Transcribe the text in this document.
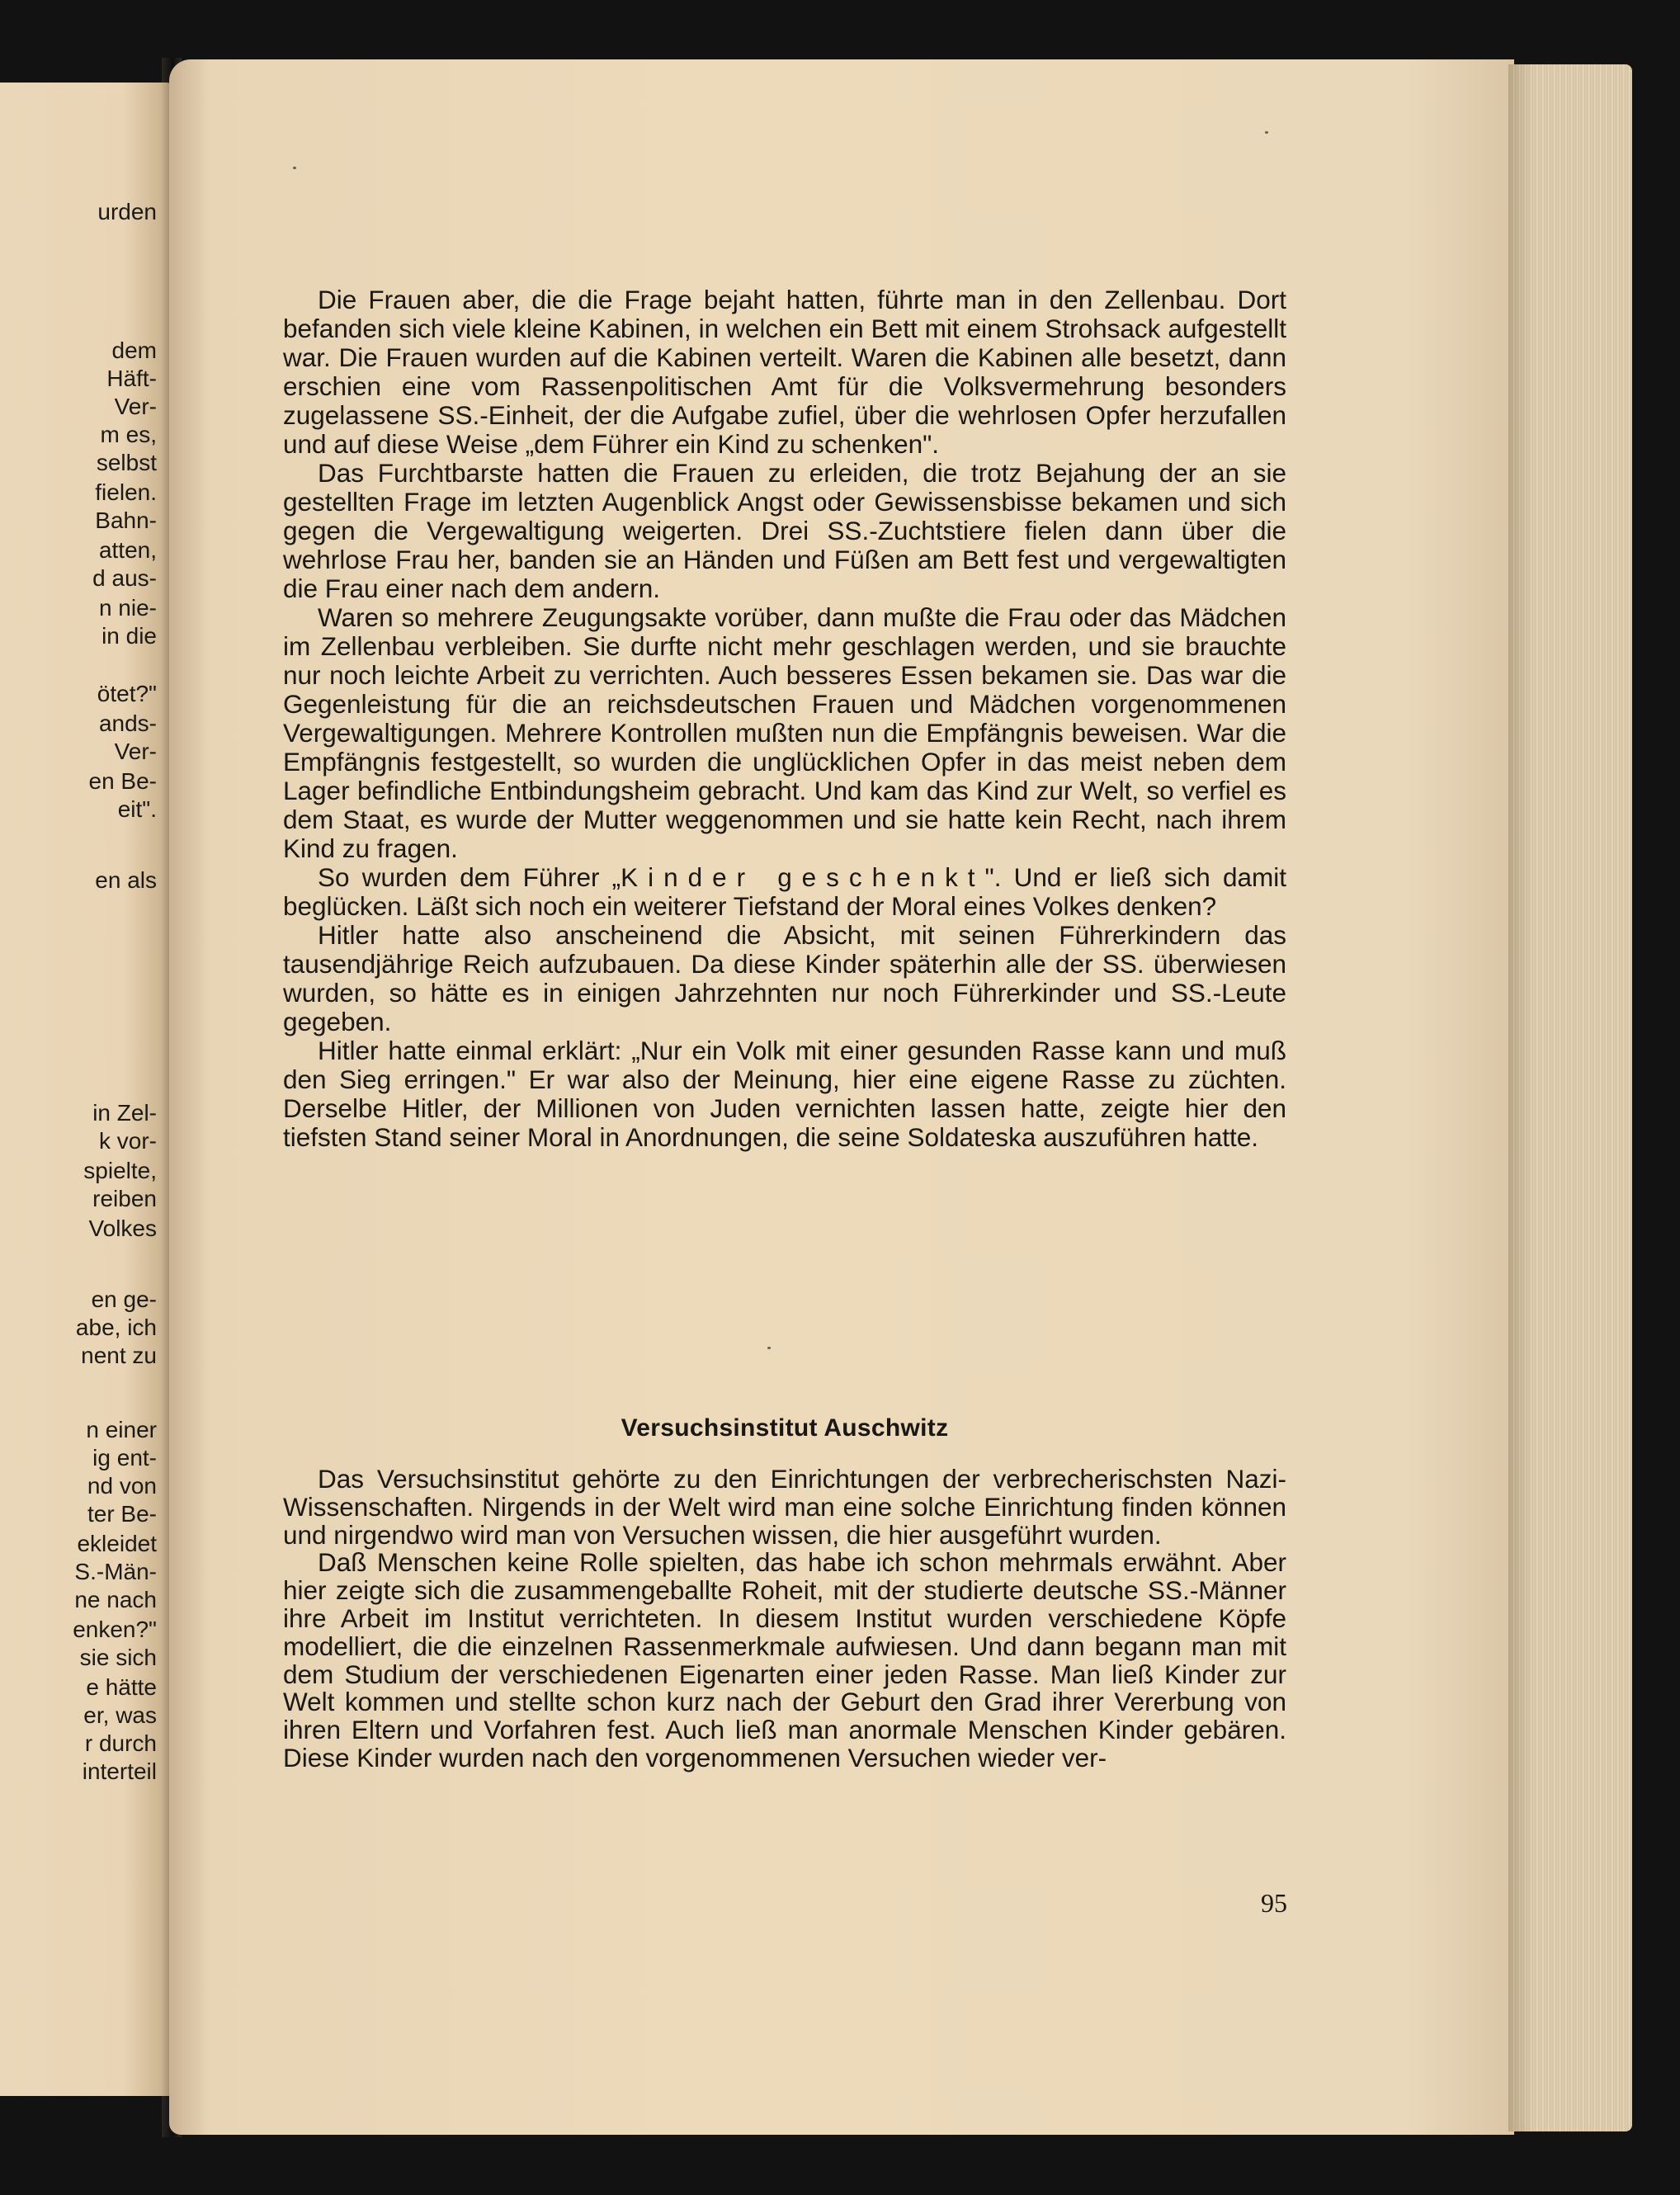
urden
dem
Häft-
Ver-
m es,
selbst
fielen.
Bahn-
atten,
d aus-
n nie-
in die
ötet?"
ands-
Ver-
en Be-
eit".
en als
in Zel-
k vor-
spielte,
reiben
Volkes
en ge-
abe, ich
nent zu
n einer
ig ent-
nd von
ter Be-
ekleidet
S.-Män-
ne nach
enken?"
sie sich
e hätte
er, was
r durch
interteil

Die Frauen aber, die die Frage bejaht hatten, führte man in den Zellenbau. Dort befanden sich viele kleine Kabinen, in welchen ein Bett mit einem Strohsack aufgestellt war. Die Frauen wurden auf die Kabinen verteilt. Waren die Kabinen alle besetzt, dann erschien eine vom Rassenpolitischen Amt für die Volksvermehrung besonders zugelassene SS.-Einheit, der die Aufgabe zufiel, über die wehrlosen Opfer herzufallen und auf diese Weise „dem Führer ein Kind zu schenken".

Das Furchtbarste hatten die Frauen zu erleiden, die trotz Bejahung der an sie gestellten Frage im letzten Augenblick Angst oder Gewissensbisse bekamen und sich gegen die Vergewaltigung weigerten. Drei SS.-Zuchtstiere fielen dann über die wehrlose Frau her, banden sie an Händen und Füßen am Bett fest und vergewaltigten die Frau einer nach dem andern.

Waren so mehrere Zeugungsakte vorüber, dann mußte die Frau oder das Mädchen im Zellenbau verbleiben. Sie durfte nicht mehr geschlagen werden, und sie brauchte nur noch leichte Arbeit zu verrichten. Auch besseres Essen bekamen sie. Das war die Gegenleistung für die an reichsdeutschen Frauen und Mädchen vorgenommenen Vergewaltigungen. Mehrere Kontrollen mußten nun die Empfängnis beweisen. War die Empfängnis festgestellt, so wurden die unglücklichen Opfer in das meist neben dem Lager befindliche Entbindungsheim gebracht. Und kam das Kind zur Welt, so verfiel es dem Staat, es wurde der Mutter weggenommen und sie hatte kein Recht, nach ihrem Kind zu fragen.

So wurden dem Führer „Kinder geschenkt". Und er ließ sich damit beglücken. Läßt sich noch ein weiterer Tiefstand der Moral eines Volkes denken?

Hitler hatte also anscheinend die Absicht, mit seinen Führerkindern das tausendjährige Reich aufzubauen. Da diese Kinder späterhin alle der SS. überwiesen wurden, so hätte es in einigen Jahrzehnten nur noch Führerkinder und SS.-Leute gegeben.

Hitler hatte einmal erklärt: „Nur ein Volk mit einer gesunden Rasse kann und muß den Sieg erringen." Er war also der Meinung, hier eine eigene Rasse zu züchten. Derselbe Hitler, der Millionen von Juden vernichten lassen hatte, zeigte hier den tiefsten Stand seiner Moral in Anordnungen, die seine Soldateska auszuführen hatte.

Versuchsinstitut Auschwitz

Das Versuchsinstitut gehörte zu den Einrichtungen der verbrecherischsten Nazi-Wissenschaften. Nirgends in der Welt wird man eine solche Einrichtung finden können und nirgendwo wird man von Versuchen wissen, die hier ausgeführt wurden.

Daß Menschen keine Rolle spielten, das habe ich schon mehrmals erwähnt. Aber hier zeigte sich die zusammengeballte Roheit, mit der studierte deutsche SS.-Männer ihre Arbeit im Institut verrichteten. In diesem Institut wurden verschiedene Köpfe modelliert, die die einzelnen Rassenmerkmale aufwiesen. Und dann begann man mit dem Studium der verschiedenen Eigenarten einer jeden Rasse. Man ließ Kinder zur Welt kommen und stellte schon kurz nach der Geburt den Grad ihrer Vererbung von ihren Eltern und Vorfahren fest. Auch ließ man anormale Menschen Kinder gebären. Diese Kinder wurden nach den vorgenommenen Versuchen wieder ver-

95
